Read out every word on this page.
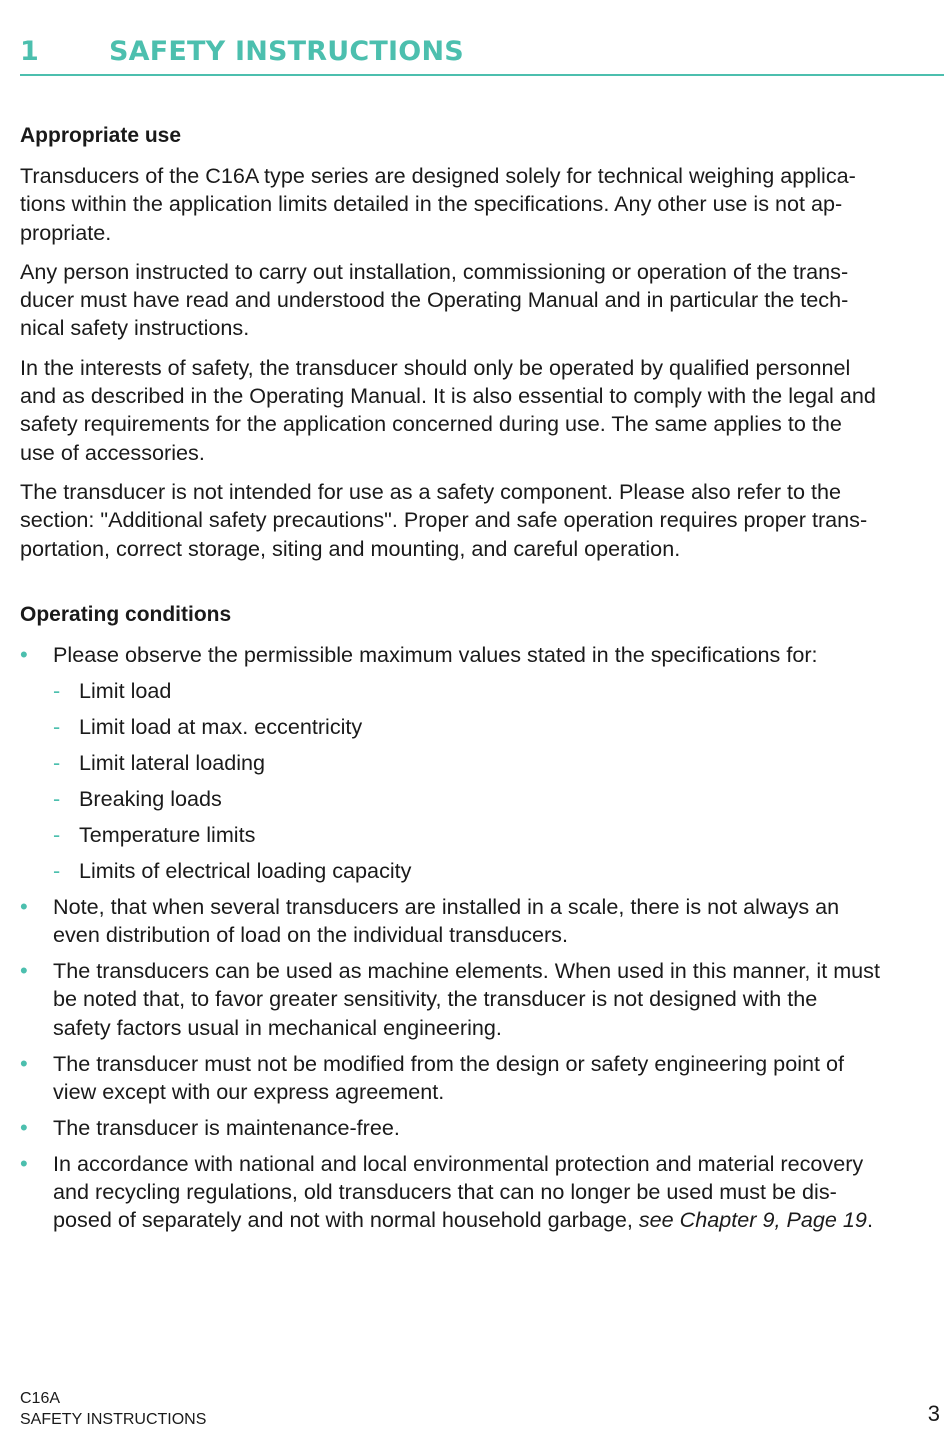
1	SAFETY INSTRUCTIONS
Appropriate use

Transducers of the C16A type series are designed solely for technical weighing applica-
tions within the application limits detailed in the specifications. Any other use is not ap-
propriate.

Any person instructed to carry out installation, commissioning or operation of the trans-
ducer must have read and understood the Operating Manual and in particular the tech-
nical safety instructions.

In the interests of safety, the transducer should only be operated by qualified personnel
and as described in the Operating Manual. It is also essential to comply with the legal and
safety requirements for the application concerned during use. The same applies to the
use of accessories.

The transducer is not intended for use as a safety component. Please also refer to the
section: "Additional safety precautions". Proper and safe operation requires proper trans-
portation, correct storage, siting and mounting, and careful operation.

Operating conditions
• Please observe the permissible maximum values stated in the specifications for:
- Limit load
- Limit load at max. eccentricity
- Limit lateral loading
- Breaking loads
- Temperature limits
- Limits of electrical loading capacity
• Note, that when several transducers are installed in a scale, there is not always an
even distribution of load on the individual transducers.
• The transducers can be used as machine elements. When used in this manner, it must
be noted that, to favor greater sensitivity, the transducer is not designed with the
safety factors usual in mechanical engineering.
• The transducer must not be modified from the design or safety engineering point of
view except with our express agreement.
• The transducer is maintenance-free.
• In accordance with national and local environmental protection and material recovery
and recycling regulations, old transducers that can no longer be used must be dis-
posed of separately and not with normal household garbage, see Chapter 9, Page 19.
C16A
SAFETY INSTRUCTIONS	3
